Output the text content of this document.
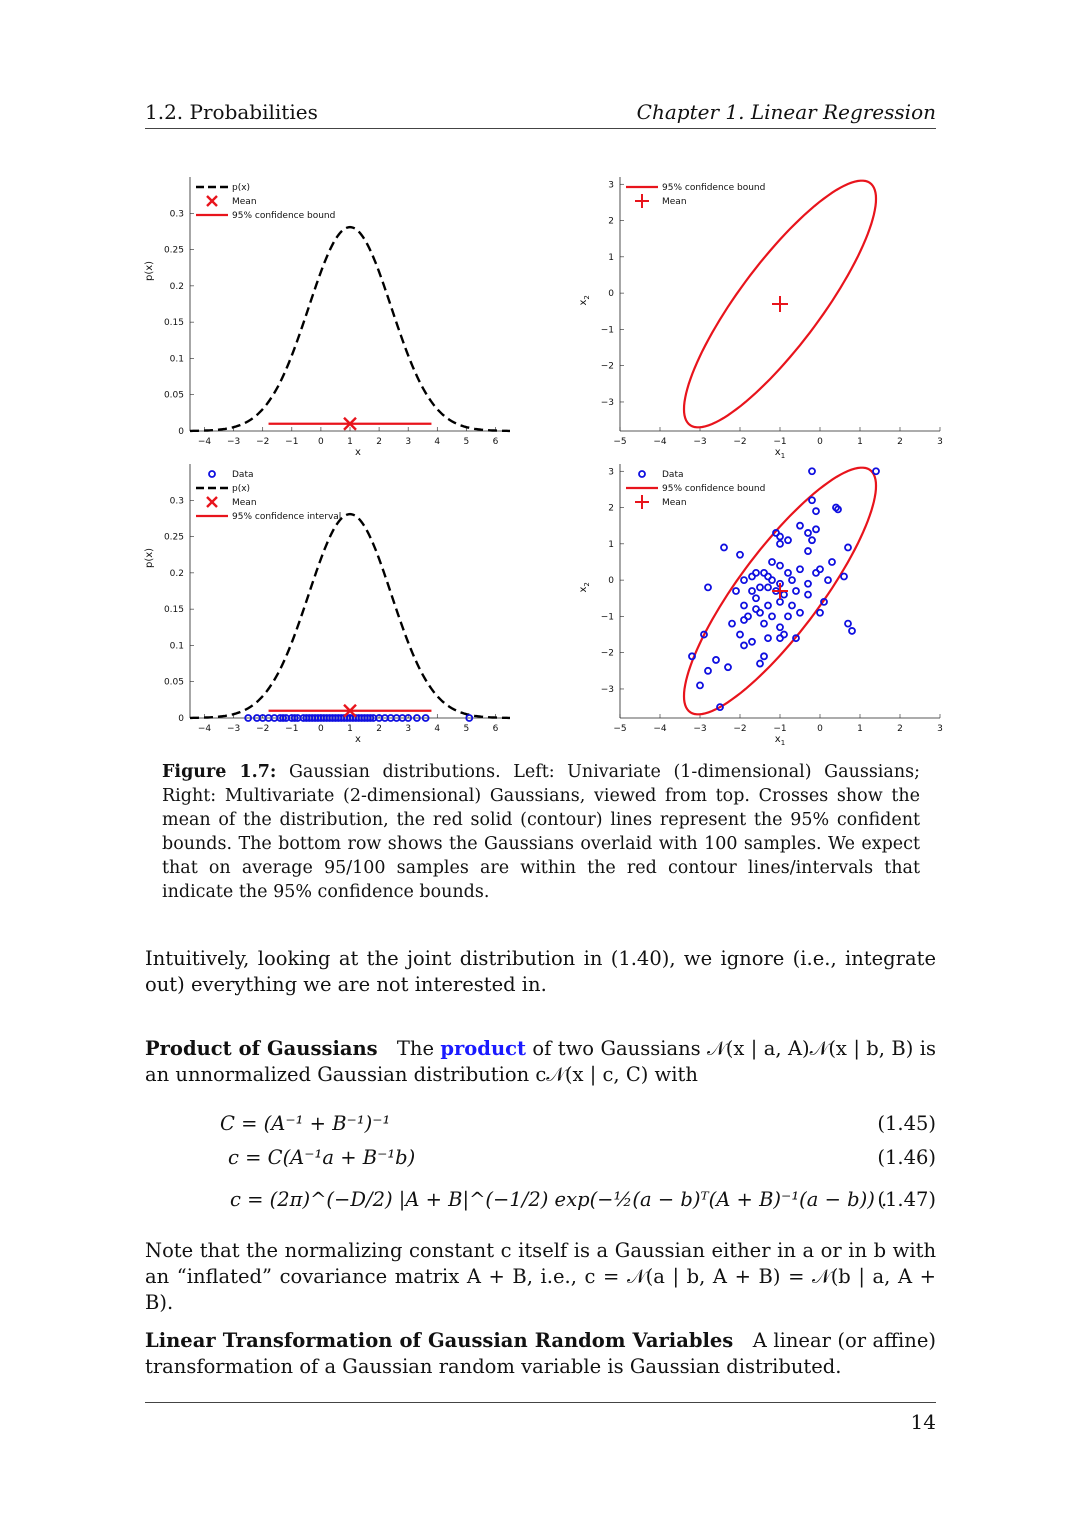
1.2. Probabilities	Chapter 1. Linear Regression
−4 −3 −2 −1 0	1	2	3	4	5	6
0
0.05
0.1
0.15
0.2
0.25
0.3
x
p(x)
p(x)
Mean
95% confidence bound
−5	−4	−3	−2	−1	0	1	2	3
−3
−2
−1
0
1
2
3
$x_1$
$x_2$
95% confidence bound
Mean
−4 −3 −2 −1 0	1	2	3	4	5	6
0
0.05
0.1
0.15
0.2
0.25
0.3
x
p(x)
Data
p(x)
Mean
95% confidence interval
−5	−4	−3	−2	−1	0	1	2	3
−3
−2
−1
0
1
2
3
$x_1$
$x_2$
Data
95% confidence bound
Mean
Figure 1.7: Gaussian distributions. Left: Univariate (1-dimensional) Gaussians; Right: Multivariate (2-dimensional) Gaussians, viewed from top. Crosses show the mean of the distribution, the red solid (contour) lines represent the 95% confident bounds. The bottom row shows the Gaussians overlaid with 100 samples. We expect that on average 95/100 samples are within the red contour lines/intervals that indicate the 95% confidence bounds.
Intuitively, looking at the joint distribution in (1.40), we ignore (i.e., integrate out) everything we are not interested in.
Product of Gaussians The product of two Gaussians 𝒩(x | a, A)𝒩(x | b, B) is an unnormalized Gaussian distribution c𝒩(x | c, C) with
C = (A⁻¹ + B⁻¹)⁻¹	(1.45)
c = C(A⁻¹a + B⁻¹b)	(1.46)
c = (2π)^(−D/2) |A + B|^(−1/2) exp(−½(a − b)ᵀ(A + B)⁻¹(a − b)) .
(1.47)
Note that the normalizing constant c itself is a Gaussian either in a or in b with an “inflated” covariance matrix A + B, i.e., c = 𝒩(a | b, A + B) = 𝒩(b | a, A + B).
Linear Transformation of Gaussian Random Variables A linear (or affine) transformation of a Gaussian random variable is Gaussian distributed.
14
